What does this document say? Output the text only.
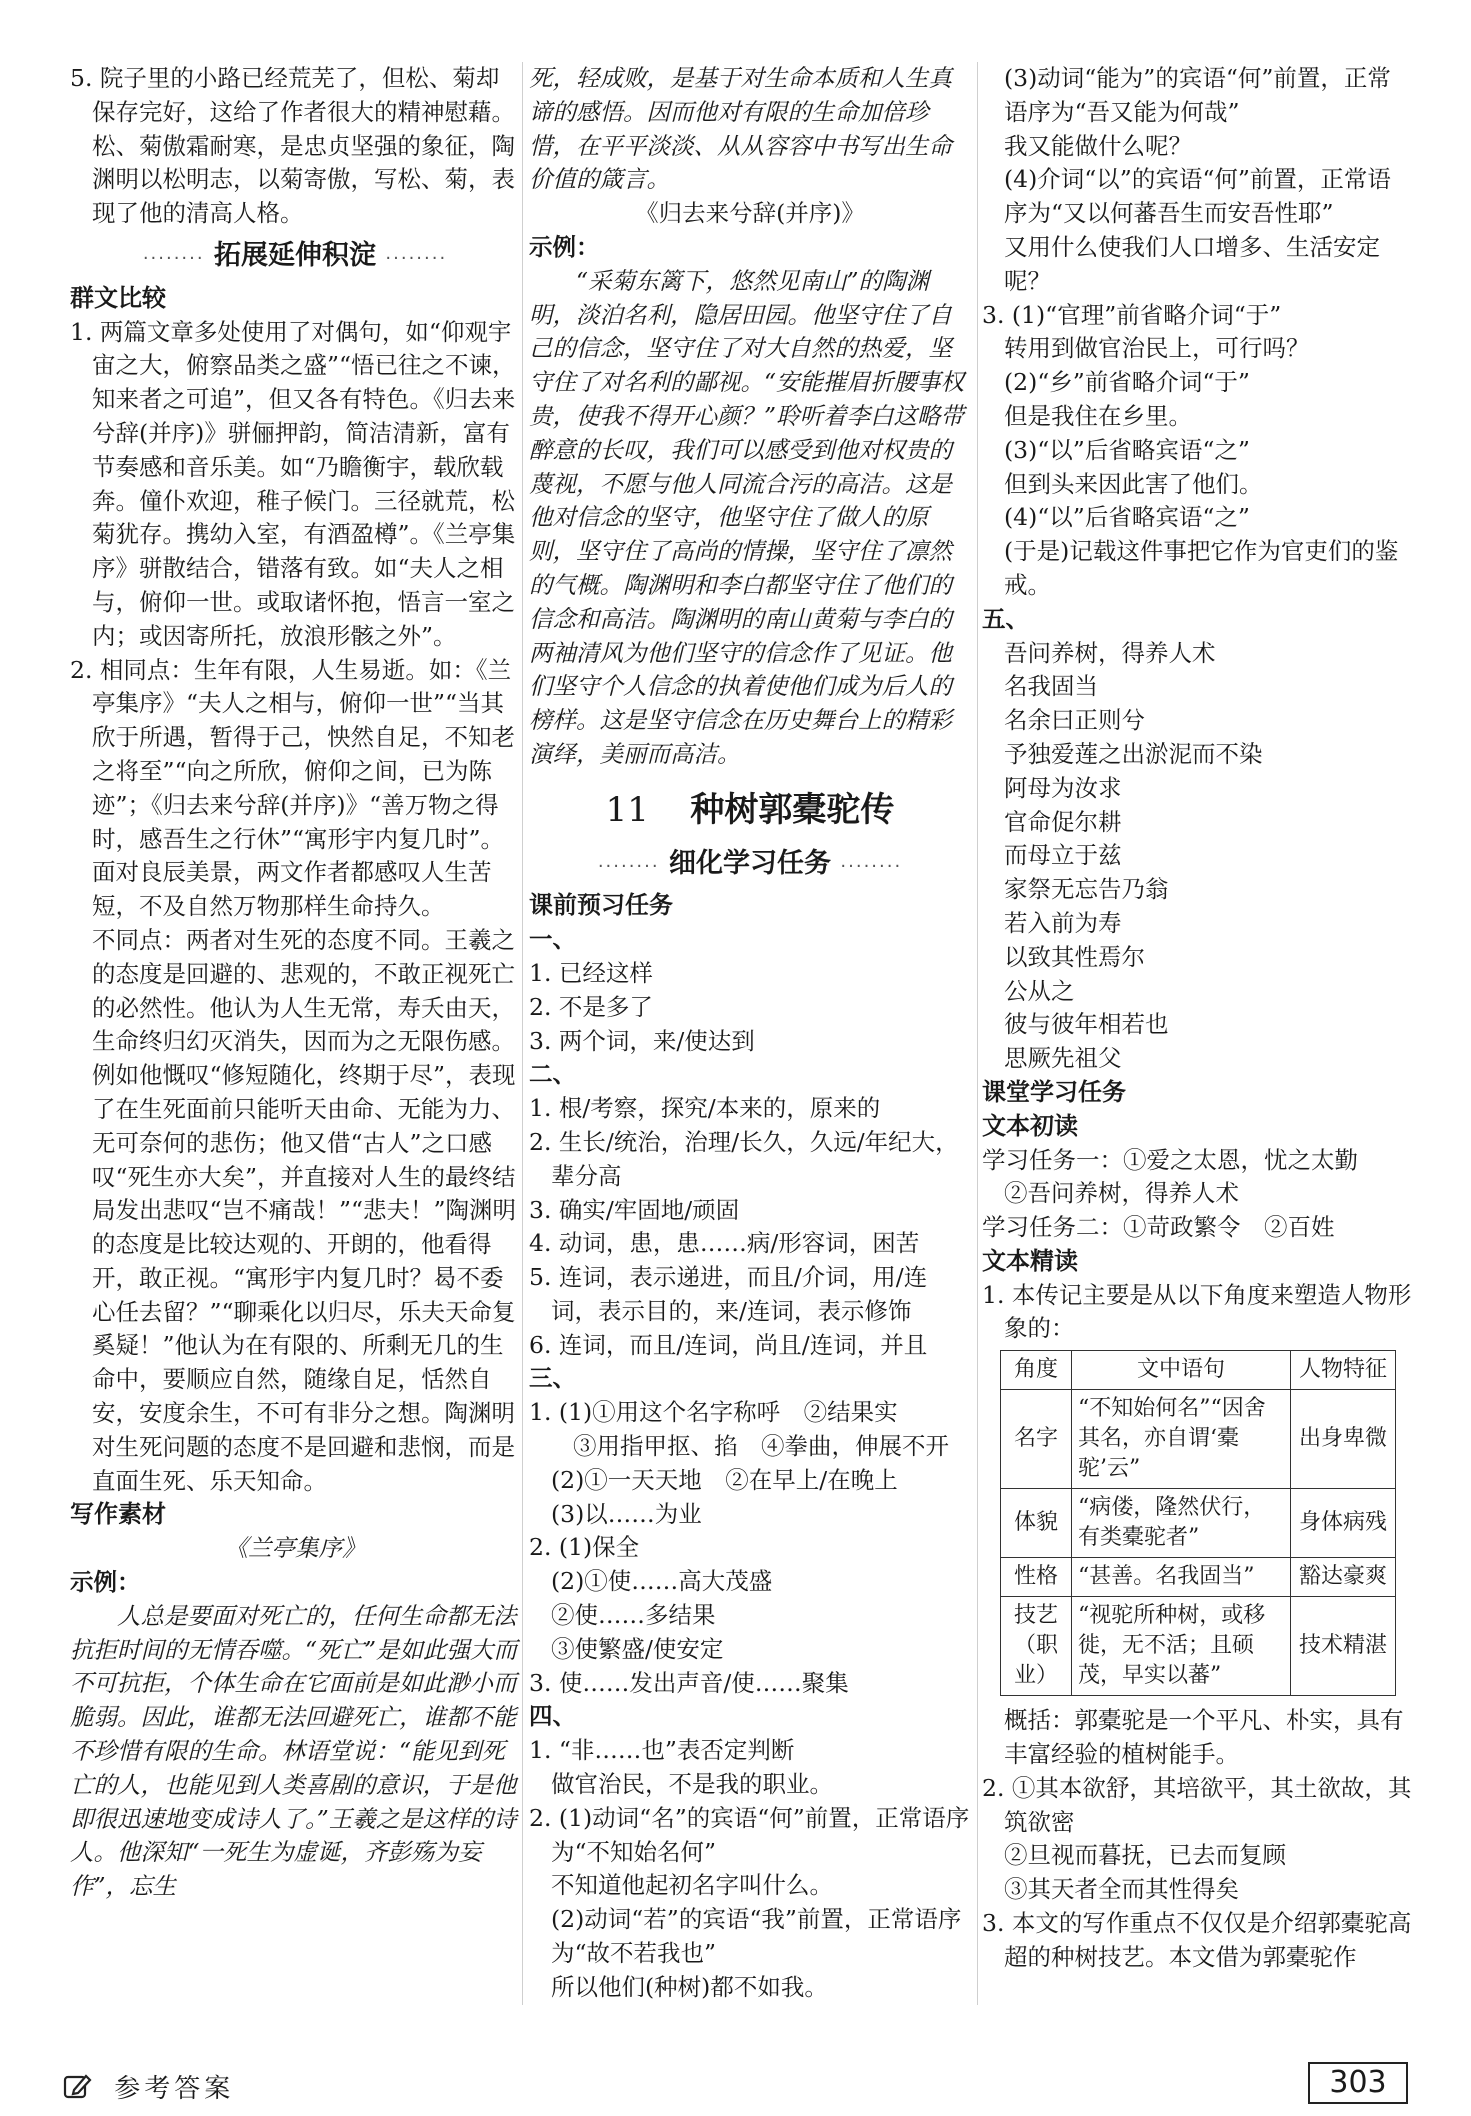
5. 院子里的小路已经荒芜了，但松、菊却保存完好，这给了作者很大的精神慰藉。松、菊傲霜耐寒，是忠贞坚强的象征，陶渊明以松明志，以菊寄傲，写松、菊，表现了他的清高人格。

········ 拓展延伸积淀 ········

群文比较

1. 两篇文章多处使用了对偶句，如“仰观宇宙之大，俯察品类之盛”“悟已往之不谏，知来者之可追”，但又各有特色。《归去来兮辞(并序)》骈俪押韵，简洁清新，富有节奏感和音乐美。如“乃瞻衡宇，载欣载奔。僮仆欢迎，稚子候门。三径就荒，松菊犹存。携幼入室，有酒盈樽”。《兰亭集序》骈散结合，错落有致。如“夫人之相与，俯仰一世。或取诸怀抱，悟言一室之内；或因寄所托，放浪形骸之外”。

2. 相同点：生年有限，人生易逝。如：《兰亭集序》“夫人之相与，俯仰一世”“当其欣于所遇，暂得于己，怏然自足，不知老之将至”“向之所欣，俯仰之间，已为陈迹”；《归去来兮辞(并序)》“善万物之得时，感吾生之行休”“寓形宇内复几时”。面对良辰美景，两文作者都感叹人生苦短，不及自然万物那样生命持久。

不同点：两者对生死的态度不同。王羲之的态度是回避的、悲观的，不敢正视死亡的必然性。他认为人生无常，寿夭由天，生命终归幻灭消失，因而为之无限伤感。例如他慨叹“修短随化，终期于尽”，表现了在生死面前只能听天由命、无能为力、无可奈何的悲伤；他又借“古人”之口感叹“死生亦大矣”，并直接对人生的最终结局发出悲叹“岂不痛哉！”“悲夫！”陶渊明的态度是比较达观的、开朗的，他看得开，敢正视。“寓形宇内复几时？曷不委心任去留？”“聊乘化以归尽，乐夫天命复奚疑！”他认为在有限的、所剩无几的生命中，要顺应自然，随缘自足，恬然自安，安度余生，不可有非分之想。陶渊明对生死问题的态度不是回避和悲悯，而是直面生死、乐天知命。

写作素材

《兰亭集序》

示例：

人总是要面对死亡的，任何生命都无法抗拒时间的无情吞噬。“死亡”是如此强大而不可抗拒，个体生命在它面前是如此渺小而脆弱。因此，谁都无法回避死亡，谁都不能不珍惜有限的生命。林语堂说：“能见到死亡的人，也能见到人类喜剧的意识，于是他即很迅速地变成诗人了。”王羲之是这样的诗人。他深知“一死生为虚诞，齐彭殇为妄作”，忘生

死，轻成败，是基于对生命本质和人生真谛的感悟。因而他对有限的生命加倍珍惜，在平平淡淡、从从容容中书写出生命价值的箴言。

《归去来兮辞(并序)》

示例：

“采菊东篱下，悠然见南山”的陶渊明，淡泊名利，隐居田园。他坚守住了自己的信念，坚守住了对大自然的热爱，坚守住了对名利的鄙视。“安能摧眉折腰事权贵，使我不得开心颜？”聆听着李白这略带醉意的长叹，我们可以感受到他对权贵的蔑视，不愿与他人同流合污的高洁。这是他对信念的坚守，他坚守住了做人的原则，坚守住了高尚的情操，坚守住了凛然的气概。陶渊明和李白都坚守住了他们的信念和高洁。陶渊明的南山黄菊与李白的两袖清风为他们坚守的信念作了见证。他们坚守个人信念的执着使他们成为后人的榜样。这是坚守信念在历史舞台上的精彩演绎，美丽而高洁。

11 种树郭橐驼传
········ 细化学习任务 ········

课前预习任务

一、

1. 已经这样

2. 不是多了

3. 两个词，来/使达到

二、

1. 根/考察，探究/本来的，原来的

2. 生长/统治，治理/长久，久远/年纪大，辈分高

3. 确实/牢固地/顽固

4. 动词，患，患……病/形容词，困苦

5. 连词，表示递进，而且/介词，用/连词，表示目的，来/连词，表示修饰

6. 连词，而且/连词，尚且/连词，并且

三、

1. (1)①用这个名字称呼　②结果实

③用指甲抠、掐　④拳曲，伸展不开

(2)①一天天地　②在早上/在晚上

(3)以……为业

2. (1)保全

(2)①使……高大茂盛

②使……多结果

③使繁盛/使安定

3. 使……发出声音/使……聚集

四、

1. “非……也”表否定判断

做官治民，不是我的职业。

2. (1)动词“名”的宾语“何”前置，正常语序为“不知始名何”

不知道他起初名字叫什么。

(2)动词“若”的宾语“我”前置，正常语序为“故不若我也”

所以他们(种树)都不如我。

(3)动词“能为”的宾语“何”前置，正常语序为“吾又能为何哉”

我又能做什么呢？

(4)介词“以”的宾语“何”前置，正常语序为“又以何蕃吾生而安吾性耶”

又用什么使我们人口增多、生活安定呢？

3. (1)“官理”前省略介词“于”

转用到做官治民上，可行吗？

(2)“乡”前省略介词“于”

但是我住在乡里。

(3)“以”后省略宾语“之”

但到头来因此害了他们。

(4)“以”后省略宾语“之”

(于是)记载这件事把它作为官吏们的鉴戒。

五、

吾问养树，得养人术

名我固当

名余曰正则兮

予独爱莲之出淤泥而不染

阿母为汝求

官命促尔耕

而母立于兹

家祭无忘告乃翁

若入前为寿

以致其性焉尔

公从之

彼与彼年相若也

思厥先祖父

课堂学习任务

文本初读

学习任务一：①爱之太恩，忧之太勤

②吾问养树，得养人术

学习任务二：①苛政繁令　②百姓

文本精读

1. 本传记主要是从以下角度来塑造人物形象的：

角度	文中语句	人物特征
名字	“不知始何名”“因舍其名，亦自谓‘橐驼’云”	出身卑微
体貌	“病偻，隆然伏行，有类橐驼者”	身体病残
性格	“甚善。名我固当”	豁达豪爽
技艺（职业）	“视驼所种树，或移徙，无不活；且硕茂，早实以蕃”	技术精湛

概括：郭橐驼是一个平凡、朴实，具有丰富经验的植树能手。

2. ①其本欲舒，其培欲平，其土欲故，其筑欲密

②旦视而暮抚，已去而复顾

③其天者全而其性得矣

3. 本文的写作重点不仅仅是介绍郭橐驼高超的种树技艺。本文借为郭橐驼作

参考答案	303
